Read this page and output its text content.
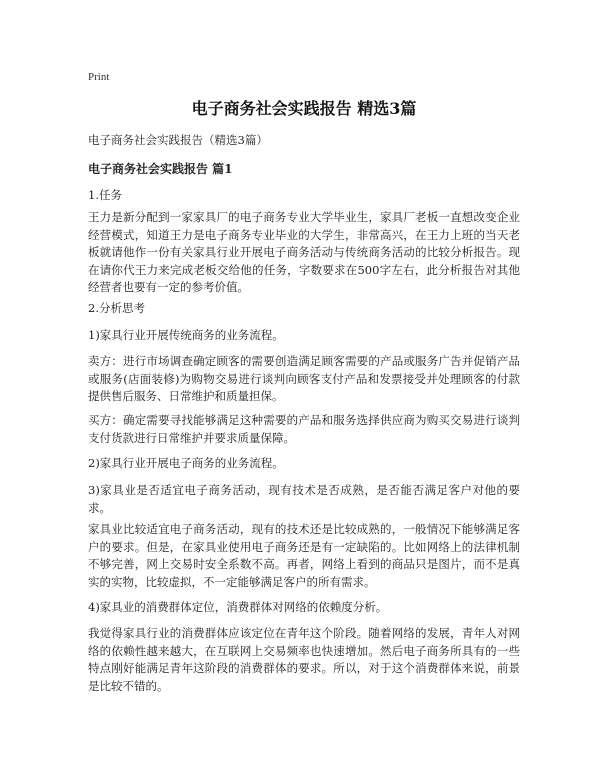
Print
电子商务社会实践报告 精选3篇

电子商务社会实践报告（精选3篇）

电子商务社会实践报告 篇1

1.任务

王力是新分配到一家家具厂的电子商务专业大学毕业生，家具厂老板一直想改变企业经营模式，知道王力是电子商务专业毕业的大学生，非常高兴，在王力上班的当天老板就请他作一份有关家具行业开展电子商务活动与传统商务活动的比较分析报告。现在请你代王力来完成老板交给他的任务，字数要求在500字左右，此分析报告对其他经营者也要有一定的参考价值。

2.分析思考

1)家具行业开展传统商务的业务流程。

卖方：进行市场调查确定顾客的需要创造满足顾客需要的产品或服务广告并促销产品或服务(店面装修)为购物交易进行谈判向顾客支付产品和发票接受并处理顾客的付款提供售后服务、日常维护和质量担保。

买方：确定需要寻找能够满足这种需要的产品和服务选择供应商为购买交易进行谈判支付货款进行日常维护并要求质量保障。

2)家具行业开展电子商务的业务流程。

3)家具业是否适宜电子商务活动，现有技术是否成熟，是否能否满足客户对他的要求。

家具业比较适宜电子商务活动，现有的技术还是比较成熟的，一般情况下能够满足客户的要求。但是，在家具业使用电子商务还是有一定缺陷的。比如网络上的法律机制不够完善，网上交易时安全系数不高。再者，网络上看到的商品只是图片，而不是真实的实物，比较虚拟，不一定能够满足客户的所有需求。

4)家具业的消费群体定位，消费群体对网络的依赖度分析。

我觉得家具行业的消费群体应该定位在青年这个阶段。随着网络的发展，青年人对网络的依赖性越来越大，在互联网上交易频率也快速增加。然后电子商务所具有的一些特点刚好能满足青年这阶段的消费群体的要求。所以，对于这个消费群体来说，前景是比较不错的。
